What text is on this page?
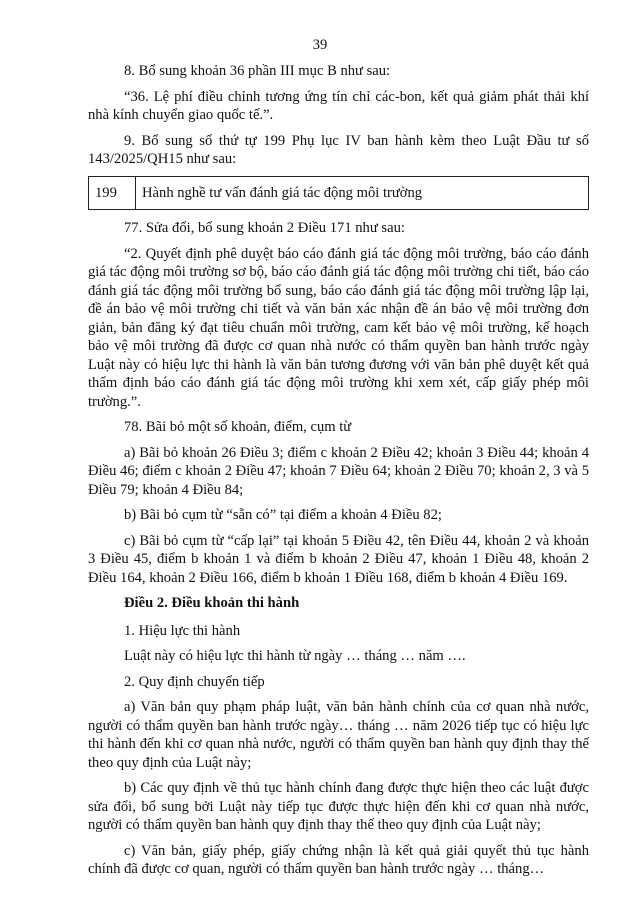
39

8. Bổ sung khoản 36 phần III mục B như sau:

“36. Lệ phí điều chỉnh tương ứng tín chỉ các-bon, kết quả giảm phát thải khí nhà kính chuyển giao quốc tế.”.

9. Bổ sung số thứ tự 199 Phụ lục IV ban hành kèm theo Luật Đầu tư số 143/2025/QH15 như sau:

199	Hành nghề tư vấn đánh giá tác động môi trường

77. Sửa đổi, bổ sung khoản 2 Điều 171 như sau:

“2. Quyết định phê duyệt báo cáo đánh giá tác động môi trường, báo cáo đánh giá tác động môi trường sơ bộ, báo cáo đánh giá tác động môi trường chi tiết, báo cáo đánh giá tác động môi trường bổ sung, báo cáo đánh giá tác động môi trường lập lại, đề án bảo vệ môi trường chi tiết và văn bản xác nhận đề án bảo vệ môi trường đơn giản, bản đăng ký đạt tiêu chuẩn môi trường, cam kết bảo vệ môi trường, kế hoạch bảo vệ môi trường đã được cơ quan nhà nước có thẩm quyền ban hành trước ngày Luật này có hiệu lực thi hành là văn bản tương đương với văn bản phê duyệt kết quả thẩm định báo cáo đánh giá tác động môi trường khi xem xét, cấp giấy phép môi trường.”.

78. Bãi bỏ một số khoản, điểm, cụm từ

a) Bãi bỏ khoản 26 Điều 3; điểm c khoản 2 Điều 42; khoản 3 Điều 44; khoản 4 Điều 46; điểm c khoản 2 Điều 47; khoản 7 Điều 64; khoản 2 Điều 70; khoản 2, 3 và 5 Điều 79; khoản 4 Điều 84;

b) Bãi bỏ cụm từ “sẵn có” tại điểm a khoản 4 Điều 82;

c) Bãi bỏ cụm từ “cấp lại” tại khoản 5 Điều 42, tên Điều 44, khoản 2 và khoản 3 Điều 45, điểm b khoản 1 và điểm b khoản 2 Điều 47, khoản 1 Điều 48, khoản 2 Điều 164, khoản 2 Điều 166, điểm b khoản 1 Điều 168, điểm b khoản 4 Điều 169.

Điều 2. Điều khoản thi hành

1. Hiệu lực thi hành

Luật này có hiệu lực thi hành từ ngày … tháng … năm ….

2. Quy định chuyển tiếp

a) Văn bản quy phạm pháp luật, văn bản hành chính của cơ quan nhà nước, người có thẩm quyền ban hành trước ngày… tháng … năm 2026 tiếp tục có hiệu lực thi hành đến khi cơ quan nhà nước, người có thẩm quyền ban hành quy định thay thế theo quy định của Luật này;

b) Các quy định về thủ tục hành chính đang được thực hiện theo các luật được sửa đổi, bổ sung bởi Luật này tiếp tục được thực hiện đến khi cơ quan nhà nước, người có thẩm quyền ban hành quy định thay thế theo quy định của Luật này;

c) Văn bản, giấy phép, giấy chứng nhận là kết quả giải quyết thủ tục hành chính đã được cơ quan, người có thẩm quyền ban hành trước ngày … tháng…
